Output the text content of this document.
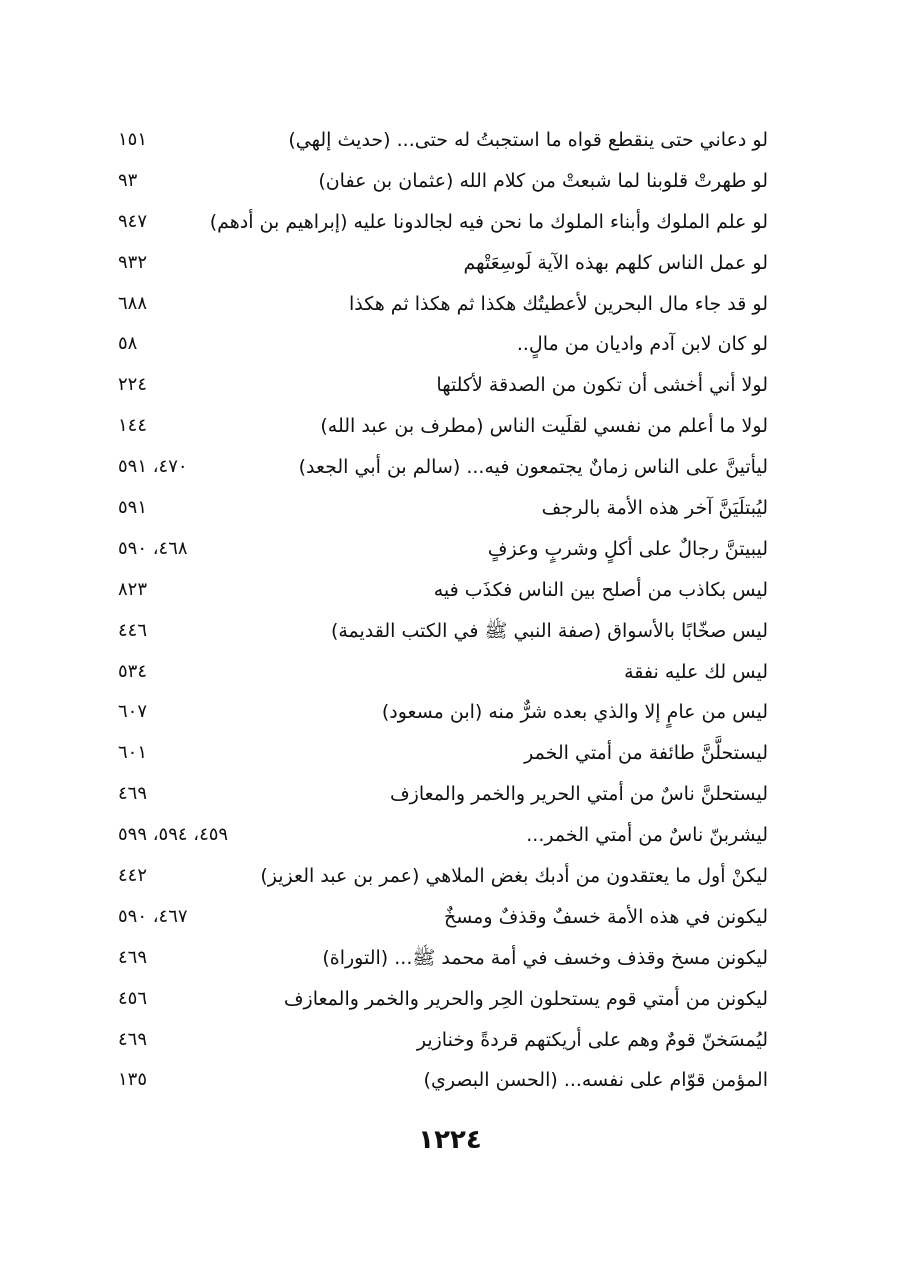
لو دعاني حتى ينقطع قواه ما استجبتُ له حتى... (حديث إلهي)
١٥١
لو طهرتْ قلوبنا لما شبعتْ من كلام الله (عثمان بن عفان)
٩٣
لو علم الملوك وأبناء الملوك ما نحن فيه لجالدونا عليه (إبراهيم بن أدهم)
٩٤٧
لو عمل الناس كلهم بهذه الآية لَوسِعَتْهم
٩٣٢
لو قد جاء مال البحرين لأعطيتُك هكذا ثم هكذا ثم هكذا
٦٨٨
لو كان لابن آدم واديان من مالٍ..
٥٨
لولا أني أخشى أن تكون من الصدقة لأكلتها
٢٢٤
لولا ما أعلم من نفسي لقلَيت الناس (مطرف بن عبد الله)
١٤٤
ليأتينَّ على الناس زمانٌ يجتمعون فيه... (سالم بن أبي الجعد)
٤٧٠، ٥٩١
ليُبتلَيَنَّ آخر هذه الأمة بالرجف
٥٩١
ليبيتنَّ رجالٌ على أكلٍ وشربٍ وعزفٍ
٤٦٨، ٥٩٠
ليس بكاذب من أصلح بين الناس فكذَب فيه
٨٢٣
ليس صخّابًا بالأسواق (صفة النبي ﷺ في الكتب القديمة)
٤٤٦
ليس لك عليه نفقة
٥٣٤
ليس من عامٍ إلا والذي بعده شرٌّ منه (ابن مسعود)
٦٠٧
ليستحلَّنَّ طائفة من أمتي الخمر
٦٠١
ليستحلنَّ ناسٌ من أمتي الحرير والخمر والمعازف
٤٦٩
ليشربنّ ناسٌ من أمتي الخمر...
٤٥٩، ٥٩٤، ٥٩٩
ليكنْ أول ما يعتقدون من أدبك بغض الملاهي (عمر بن عبد العزيز)
٤٤٢
ليكونن في هذه الأمة خسفٌ وقذفٌ ومسخٌ
٤٦٧، ٥٩٠
ليكونن مسخ وقذف وخسف في أمة محمد ﷺ... (التوراة)
٤٦٩
ليكونن من أمتي قوم يستحلون الحِر والحرير والخمر والمعازف
٤٥٦
ليُمسَخنّ قومٌ وهم على أريكتهم قردةً وخنازير
٤٦٩
المؤمن قوّام على نفسه... (الحسن البصري)
١٣٥
١٢٢٤
